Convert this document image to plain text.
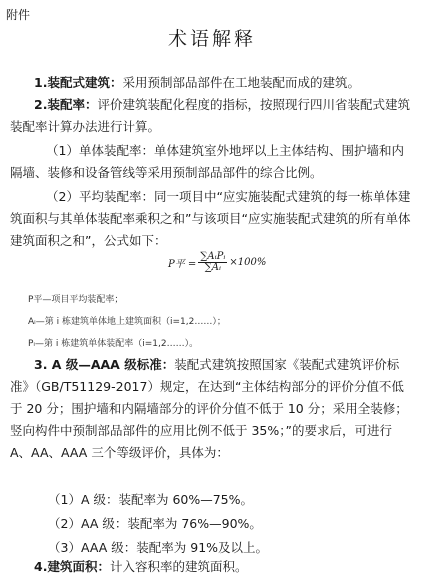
附件
术语解释

1.装配式建筑：采用预制部品部件在工地装配而成的建筑。

2.装配率：评价建筑装配化程度的指标，按照现行四川省装配式建筑装配率计算办法进行计算。

（1）单体装配率：单体建筑室外地坪以上主体结构、围护墙和内隔墙、装修和设备管线等采用预制部品部件的综合比例。

（2）平均装配率：同一项目中“应实施装配式建筑的每一栋单体建筑面积与其单体装配率乘积之和”与该项目“应实施装配式建筑的所有单体建筑面积之和”，公式如下：

P平 = $\frac{\text{∑AᵢPᵢ}}{\text{∑Aᵢ}} \times 100\%$
P平—项目平均装配率；
Aᵢ—第 i 栋建筑单体地上建筑面积（i=1,2……）；
Pᵢ—第 i 栋建筑单体装配率（i=1,2……）。

3. A 级—AAA 级标准：装配式建筑按照国家《装配式建筑评价标准》（GB/T51129-2017）规定，在达到“主体结构部分的评价分值不低于 20 分；围护墙和内隔墙部分的评价分值不低于 10 分；采用全装修；竖向构件中预制部品部件的应用比例不低于 35%；”的要求后，可进行 A、AA、AAA 三个等级评价，具体为：

（1）A 级：装配率为 60%—75%。
（2）AA 级：装配率为 76%—90%。
（3）AAA 级：装配率为 91%及以上。

4.建筑面积：计入容积率的建筑面积。
